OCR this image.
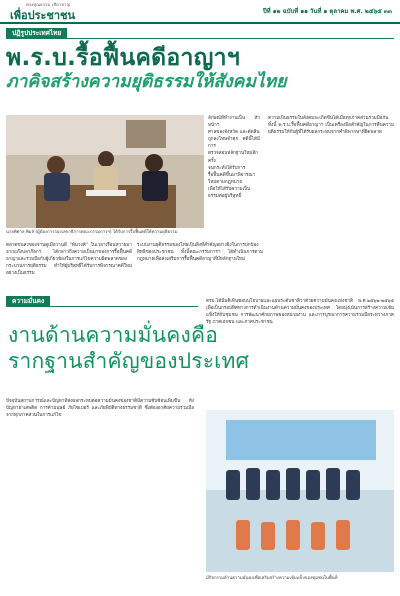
ทรงคุณธรรม เชียวชาญ
เพื่อประชาชน	ปีที่ ๑๒ ฉบับที่ ๑๑ วันที่ ๑ ตุลาคม พ.ศ. ๒๕๖๕ ๓๓
ปฏิรูปประเทศไทย
พ.ร.บ.รื้อฟื้นคดีอาญาฯ
ภาคิจสร้างความยุติธรรมให้สังคมไทย
นายพิศาล พิมล์ (ผู้ต้องการรองเลขาธิการคณะกรรมการฯ) ได้รับการรื้อฟื้นคดีให้ความยุติธรรม
ลักษณ์ทีทำงานเป็น หัวหน้าฯ
ศาลของจังหวัด และตัดสิน
ถูกลงโทษจำคุก คดีนี้ได้มีการ
ตรวจสอบหลักฐานใหม่อีกครั้ง
จนกระทั่งได้รับการ
รื้อฟื้นคดีขึ้นมาพิจารณา
ใหม่ตามกฎหมาย
เพื่อให้ได้รับความเป็น
ธรรมต่อผู้บริสุทธิ์
ตลาดขนส่งของจ่านดูเมื่อวานดี "พันวงค์" ในเวลาเรือนหวายมาจากแก๊งปลาก๊อกฯ ได้กล่าวถึงความเป็นมาของการรื้อฟื้นคดีอาญาและร่วมมือกับผู้เกี่ยวข้องในการแก้ไขความผิดพลาดของกระบวนการยุติธรรม ทำให้ผู้บริสุทธิ์ได้รับการพิจารณาคดีใหม่อย่างเป็นธรรม
ระบบงานยุติธรรมของไทยเป็นสิ่งที่สำคัญอย่างยิ่งในการปกป้องสิทธิของประชาชน ทั้งนี้คณะกรรมการฯ ได้ดำเนินการตามกฎหมายเพื่อส่งเสริมการรื้อฟื้นคดีอาญาที่มีหลักฐานใหม่
ความเป็นธรรมในสังคมจะเกิดขึ้นได้เมื่อทุกภาคส่วนร่วมมือกัน ทั้งนี้ พ.ร.บ.รื้อฟื้นคดีอาญาฯ เป็นเครื่องมือสำคัญในการคืนความยุติธรรมให้กับผู้ที่ได้รับผลกระทบจากคำพิพากษาที่ผิดพลาด
ความมั่นคง
งานด้านความมั่นคงคือ
รากฐานสำคัญของประเทศ
ปัจจุบันสถานการณ์และปัญหาที่ส่งผลกระทบต่อความมั่นคงของชาติมีความซับซ้อนเพิ่มขึ้น ทั้งปัญหายาเสพติด การค้ามนุษย์ ภัยไซเบอร์ และภัยพิบัติทางธรรมชาติ ซึ่งต้องอาศัยความร่วมมือจากทุกภาคส่วนในการแก้ไข
ครม.ได้มีมติเห็นชอบนโยบายและแผนระดับชาติว่าด้วยความมั่นคงแห่งชาติ พ.ศ.๒๕๖๒-๒๕๖๕ เพื่อเป็นกรอบทิศทางการดำเนินงานด้านความมั่นคงของประเทศ โดยมุ่งเน้นการสร้างความเข้มแข็งให้กับชุมชน การพัฒนาศักยภาพของหน่วยงาน และการบูรณาการความร่วมมือระหว่างภาครัฐ ภาคเอกชน และภาคประชาชน
มีกิจกรรมด้านความมั่นคงเพื่อเสริมสร้างความเข้มแข็งของชุมชนในพื้นที่
